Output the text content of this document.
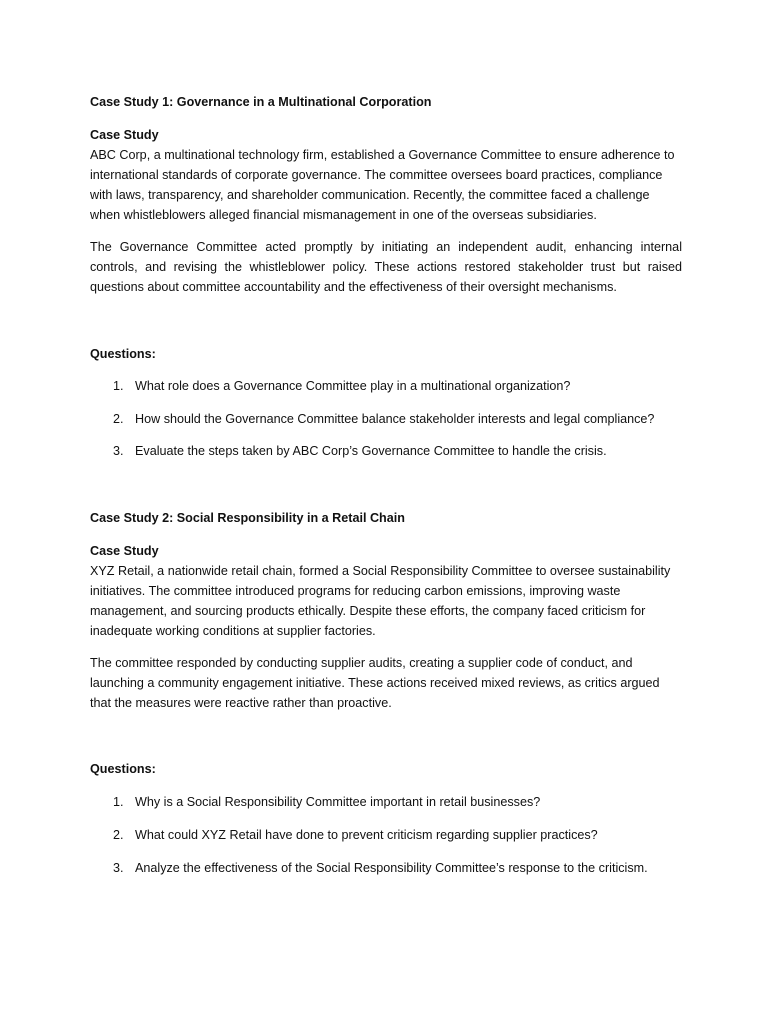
Case Study 1: Governance in a Multinational Corporation

Case Study

ABC Corp, a multinational technology firm, established a Governance Committee to ensure adherence to international standards of corporate governance. The committee oversees board practices, compliance with laws, transparency, and shareholder communication. Recently, the committee faced a challenge when whistleblowers alleged financial mismanagement in one of the overseas subsidiaries.

The Governance Committee acted promptly by initiating an independent audit, enhancing internal controls, and revising the whistleblower policy. These actions restored stakeholder trust but raised questions about committee accountability and the effectiveness of their oversight mechanisms.

Questions:

1. What role does a Governance Committee play in a multinational organization?
2. How should the Governance Committee balance stakeholder interests and legal compliance?
3. Evaluate the steps taken by ABC Corp’s Governance Committee to handle the crisis.

Case Study 2: Social Responsibility in a Retail Chain

Case Study

XYZ Retail, a nationwide retail chain, formed a Social Responsibility Committee to oversee sustainability initiatives. The committee introduced programs for reducing carbon emissions, improving waste management, and sourcing products ethically. Despite these efforts, the company faced criticism for inadequate working conditions at supplier factories.

The committee responded by conducting supplier audits, creating a supplier code of conduct, and launching a community engagement initiative. These actions received mixed reviews, as critics argued that the measures were reactive rather than proactive.

Questions:

1. Why is a Social Responsibility Committee important in retail businesses?
2. What could XYZ Retail have done to prevent criticism regarding supplier practices?
3. Analyze the effectiveness of the Social Responsibility Committee’s response to the criticism.
